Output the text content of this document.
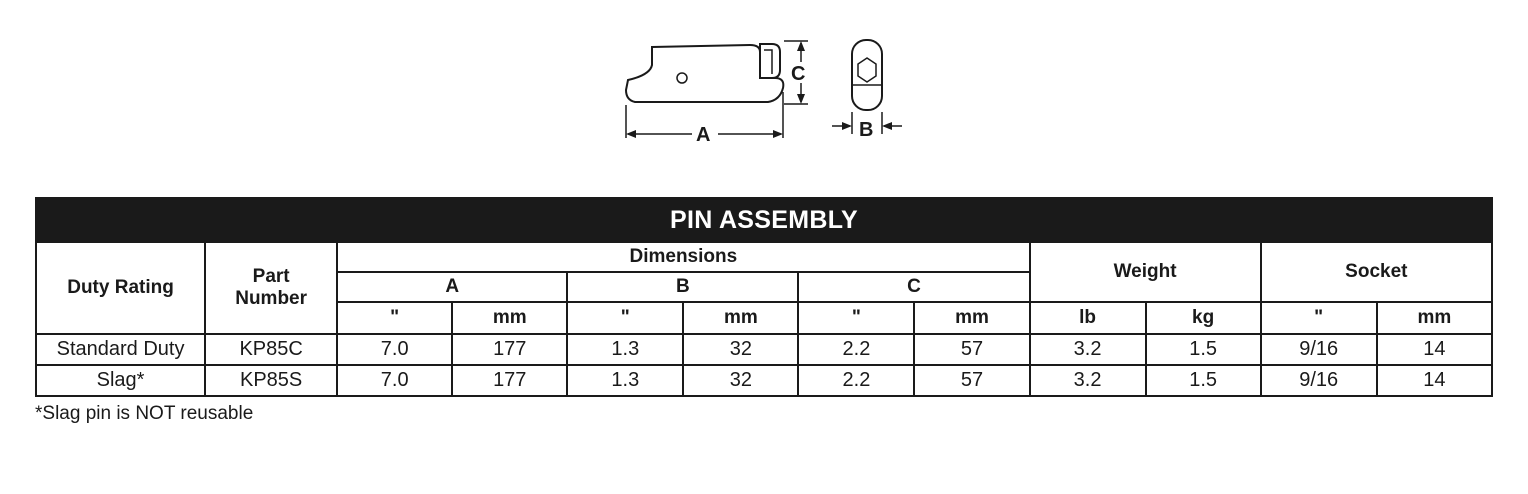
A
C
B
PIN ASSEMBLY											
Duty Rating	Part Number	Dimensions						Weight		Socket	
		A		B		C					
		"	mm	"	mm	"	mm	lb	kg	"	mm
Standard Duty	KP85C	7.0	177	1.3	32	2.2	57	3.2	1.5	9/16	14
Slag*	KP85S	7.0	177	1.3	32	2.2	57	3.2	1.5	9/16	14
*Slag pin is NOT reusable
